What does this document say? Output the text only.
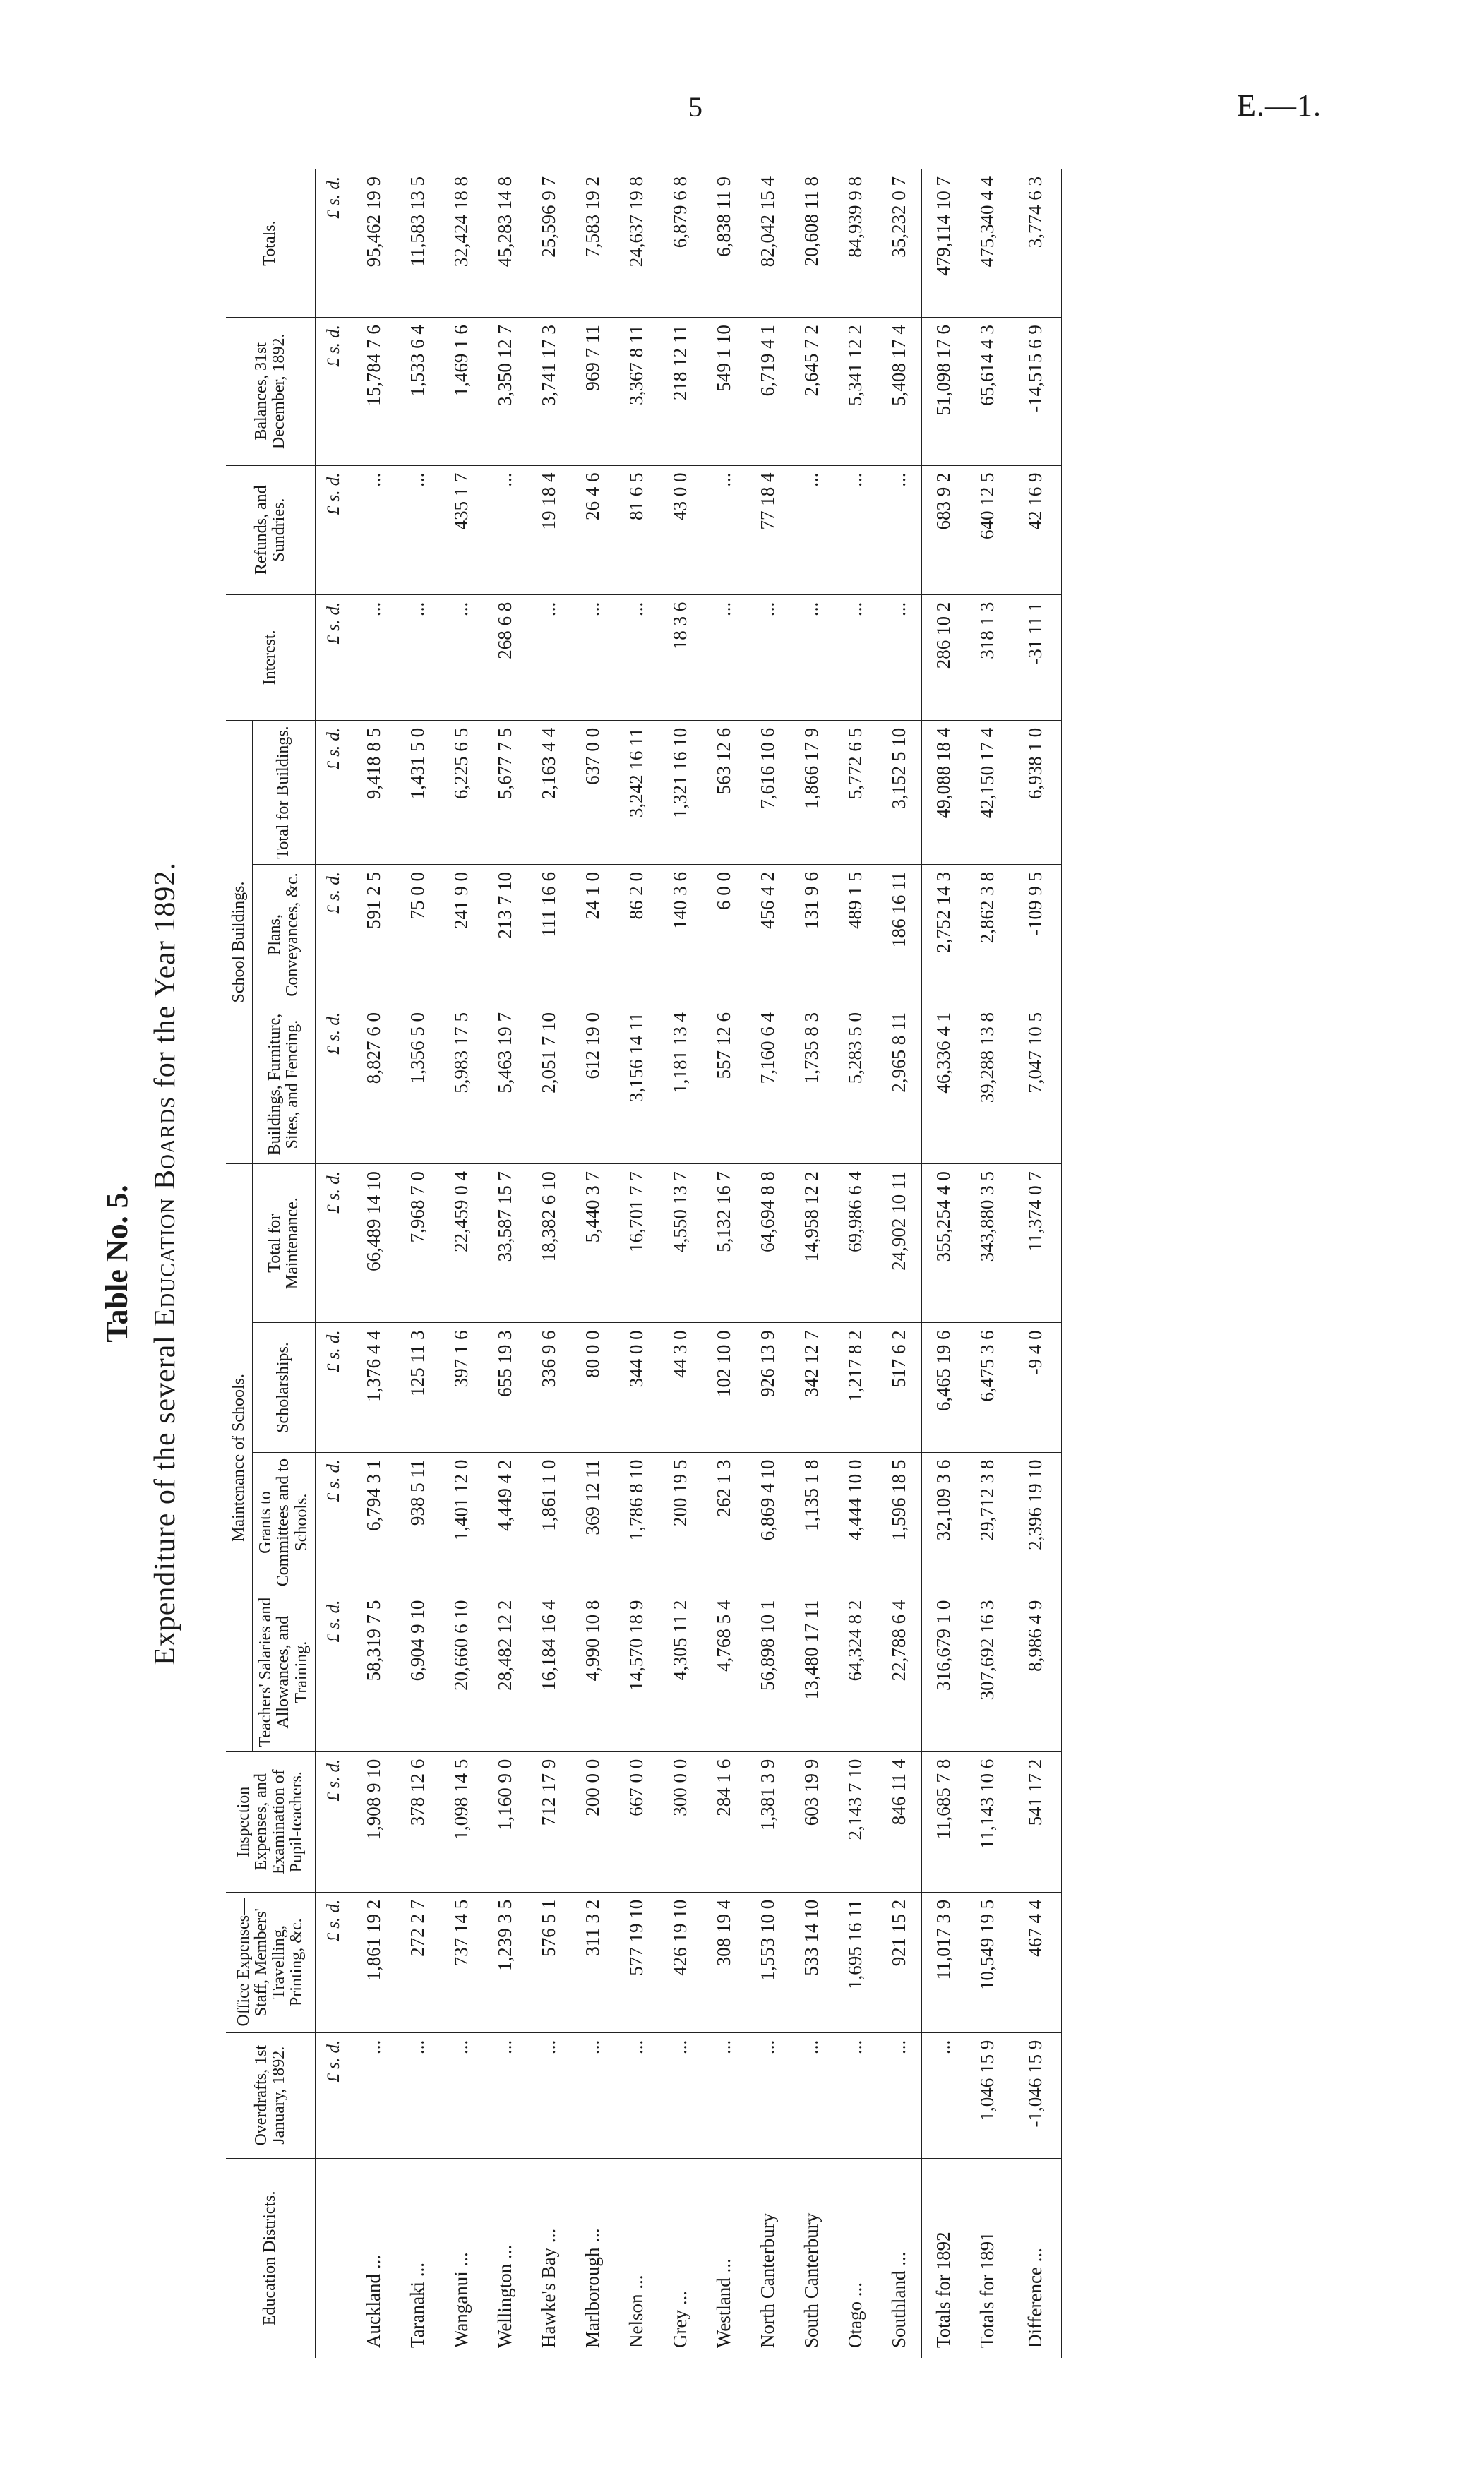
5	E.—1.
Table No. 5.
Expenditure of the several Education Boards for the Year 1892.
Education Districts.	Overdrafts, 1st January, 1892.	Office Expenses—Staff, Members' Travelling, Printing, &c.	Inspection Expenses, and Examination of Pupil-teachers.	Maintenance of Schools.				School Buildings.			Interest.	Refunds, and Sundries.	Balances, 31st December, 1892.	Totals.
				Teachers' Salaries and Allowances, and Training.	Grants to Committees and to Schools.	Scholarships.	Total for Maintenance.	Buildings, Furniture, Sites, and Fencing.	Plans, Conveyances, &c.	Total for Buildings.				
	£ s. d.	£ s. d.	£ s. d.	£ s. d.	£ s. d.	£ s. d.	£ s. d.	£ s. d.	£ s. d.	£ s. d.	£ s. d.	£ s. d.	£ s. d.	£ s. d.
Auckland ...	...	1,861 19 2	1,908 9 10	58,319 7 5	6,794 3 1	1,376 4 4	66,489 14 10	8,827 6 0	591 2 5	9,418 8 5	...	...	15,784 7 6	95,462 19 9
Taranaki ...	...	272 2 7	378 12 6	6,904 9 10	938 5 11	125 11 3	7,968 7 0	1,356 5 0	75 0 0	1,431 5 0	...	...	1,533 6 4	11,583 13 5
Wanganui ...	...	737 14 5	1,098 14 5	20,660 6 10	1,401 12 0	397 1 6	22,459 0 4	5,983 17 5	241 9 0	6,225 6 5	...	435 1 7	1,469 1 6	32,424 18 8
Wellington ...	...	1,239 3 5	1,160 9 0	28,482 12 2	4,449 4 2	655 19 3	33,587 15 7	5,463 19 7	213 7 10	5,677 7 5	268 6 8	...	3,350 12 7	45,283 14 8
Hawke's Bay ...	...	576 5 1	712 17 9	16,184 16 4	1,861 1 0	336 9 6	18,382 6 10	2,051 7 10	111 16 6	2,163 4 4	...	19 18 4	3,741 17 3	25,596 9 7
Marlborough ...	...	311 3 2	200 0 0	4,990 10 8	369 12 11	80 0 0	5,440 3 7	612 19 0	24 1 0	637 0 0	...	26 4 6	969 7 11	7,583 19 2
Nelson ...	...	577 19 10	667 0 0	14,570 18 9	1,786 8 10	344 0 0	16,701 7 7	3,156 14 11	86 2 0	3,242 16 11	...	81 6 5	3,367 8 11	24,637 19 8
Grey ...	...	426 19 10	300 0 0	4,305 11 2	200 19 5	44 3 0	4,550 13 7	1,181 13 4	140 3 6	1,321 16 10	18 3 6	43 0 0	218 12 11	6,879 6 8
Westland ...	...	308 19 4	284 1 6	4,768 5 4	262 1 3	102 10 0	5,132 16 7	557 12 6	6 0 0	563 12 6	...	...	549 1 10	6,838 11 9
North Canterbury	...	1,553 10 0	1,381 3 9	56,898 10 1	6,869 4 10	926 13 9	64,694 8 8	7,160 6 4	456 4 2	7,616 10 6	...	77 18 4	6,719 4 1	82,042 15 4
South Canterbury	...	533 14 10	603 19 9	13,480 17 11	1,135 1 8	342 12 7	14,958 12 2	1,735 8 3	131 9 6	1,866 17 9	...	...	2,645 7 2	20,608 11 8
Otago ...	...	1,695 16 11	2,143 7 10	64,324 8 2	4,444 10 0	1,217 8 2	69,986 6 4	5,283 5 0	489 1 5	5,772 6 5	...	...	5,341 12 2	84,939 9 8
Southland ...	...	921 15 2	846 11 4	22,788 6 4	1,596 18 5	517 6 2	24,902 10 11	2,965 8 11	186 16 11	3,152 5 10	...	...	5,408 17 4	35,232 0 7
Totals for 1892	...	11,017 3 9	11,685 7 8	316,679 1 0	32,109 3 6	6,465 19 6	355,254 4 0	46,336 4 1	2,752 14 3	49,088 18 4	286 10 2	683 9 2	51,098 17 6	479,114 10 7
Totals for 1891	1,046 15 9	10,549 19 5	11,143 10 6	307,692 16 3	29,712 3 8	6,475 3 6	343,880 3 5	39,288 13 8	2,862 3 8	42,150 17 4	318 1 3	640 12 5	65,614 4 3	475,340 4 4
Difference ...	-1,046 15 9	467 4 4	541 17 2	8,986 4 9	2,396 19 10	-9 4 0	11,374 0 7	7,047 10 5	-109 9 5	6,938 1 0	-31 11 1	42 16 9	-14,515 6 9	3,774 6 3
